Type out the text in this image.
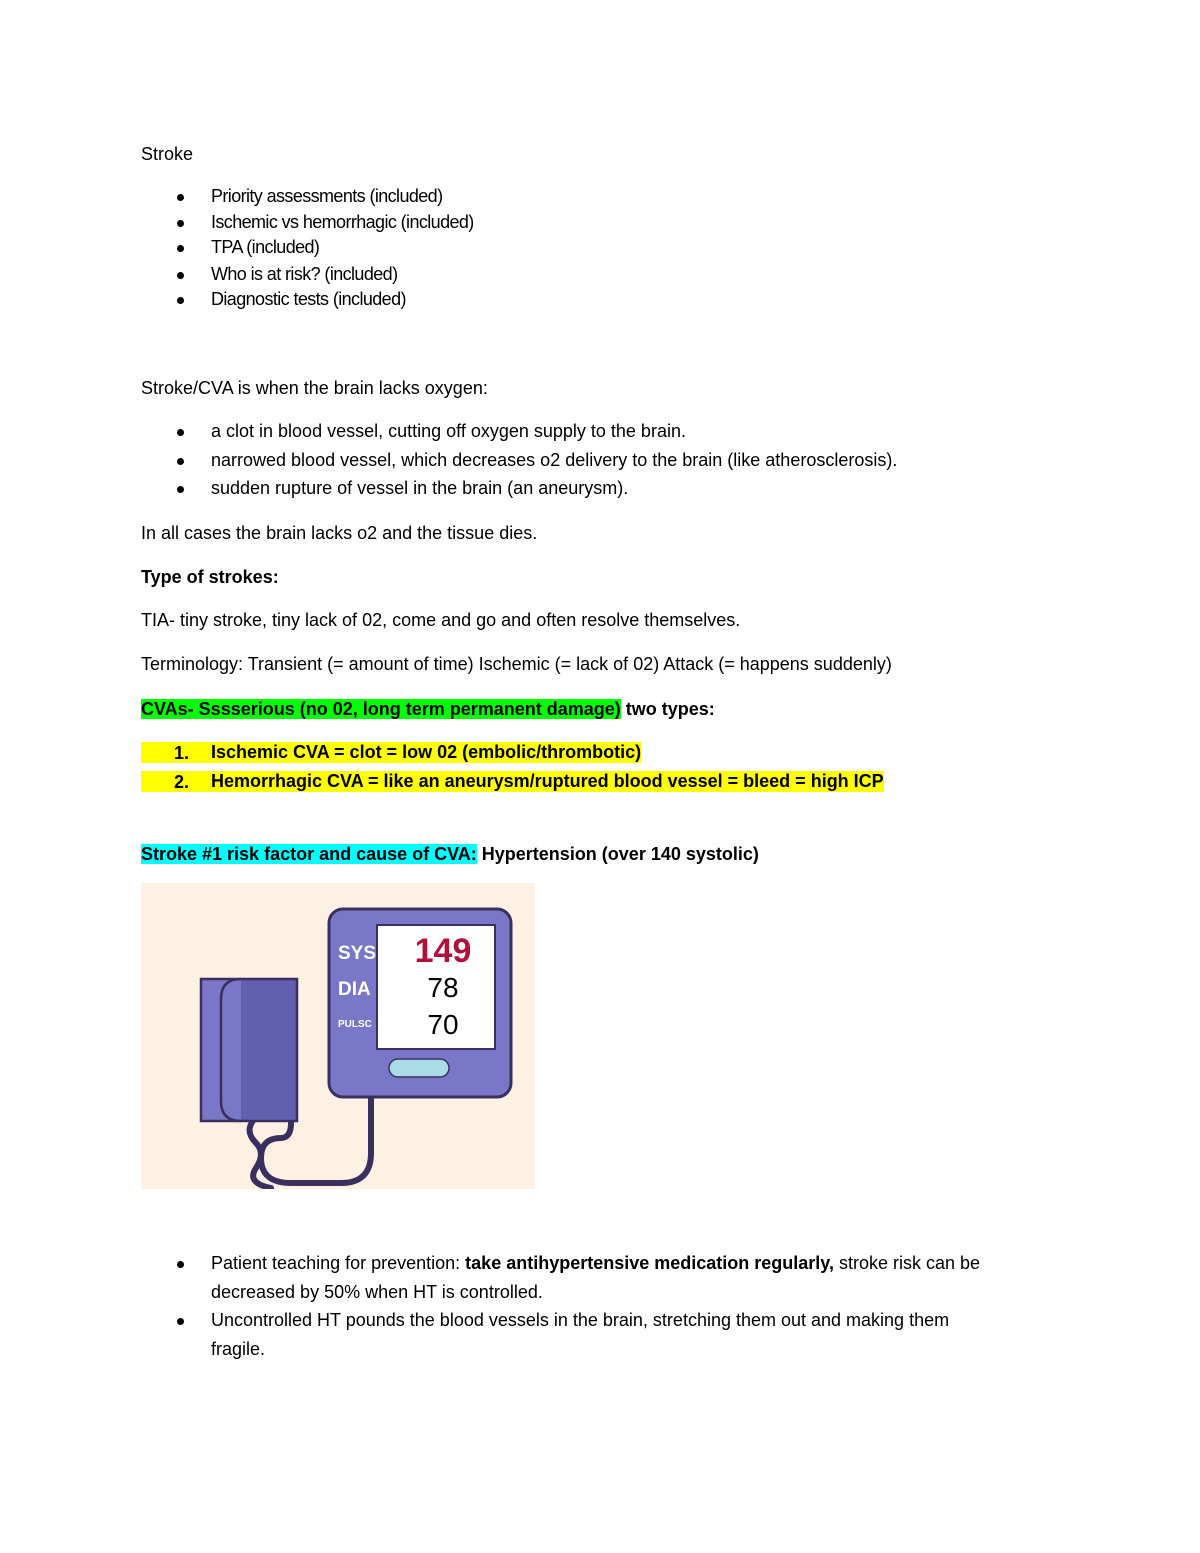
Stroke
Priority assessments (included)
Ischemic vs hemorrhagic (included)
TPA (included)
Who is at risk? (included)
Diagnostic tests (included)
Stroke/CVA is when the brain lacks oxygen:
a clot in blood vessel, cutting off oxygen supply to the brain.
narrowed blood vessel, which decreases o2 delivery to the brain (like atherosclerosis).
sudden rupture of vessel in the brain (an aneurysm).
In all cases the brain lacks o2 and the tissue dies.
Type of strokes:
TIA- tiny stroke, tiny lack of 02, come and go and often resolve themselves.
Terminology: Transient (= amount of time) Ischemic (= lack of 02) Attack (= happens suddenly)
CVAs- Sssserious (no 02, long term permanent damage) two types:
Ischemic CVA = clot = low 02 (embolic/thrombotic)
1.
Hemorrhagic CVA = like an aneurysm/ruptured blood vessel = bleed = high ICP
2.
Stroke #1 risk factor and cause of CVA: Hypertension (over 140 systolic)
SYS
DIA
PULSC
149
78
70
Patient teaching for prevention: take antihypertensive medication regularly, stroke risk can be
decreased by 50% when HT is controlled.
Uncontrolled HT pounds the blood vessels in the brain, stretching them out and making them
fragile.
